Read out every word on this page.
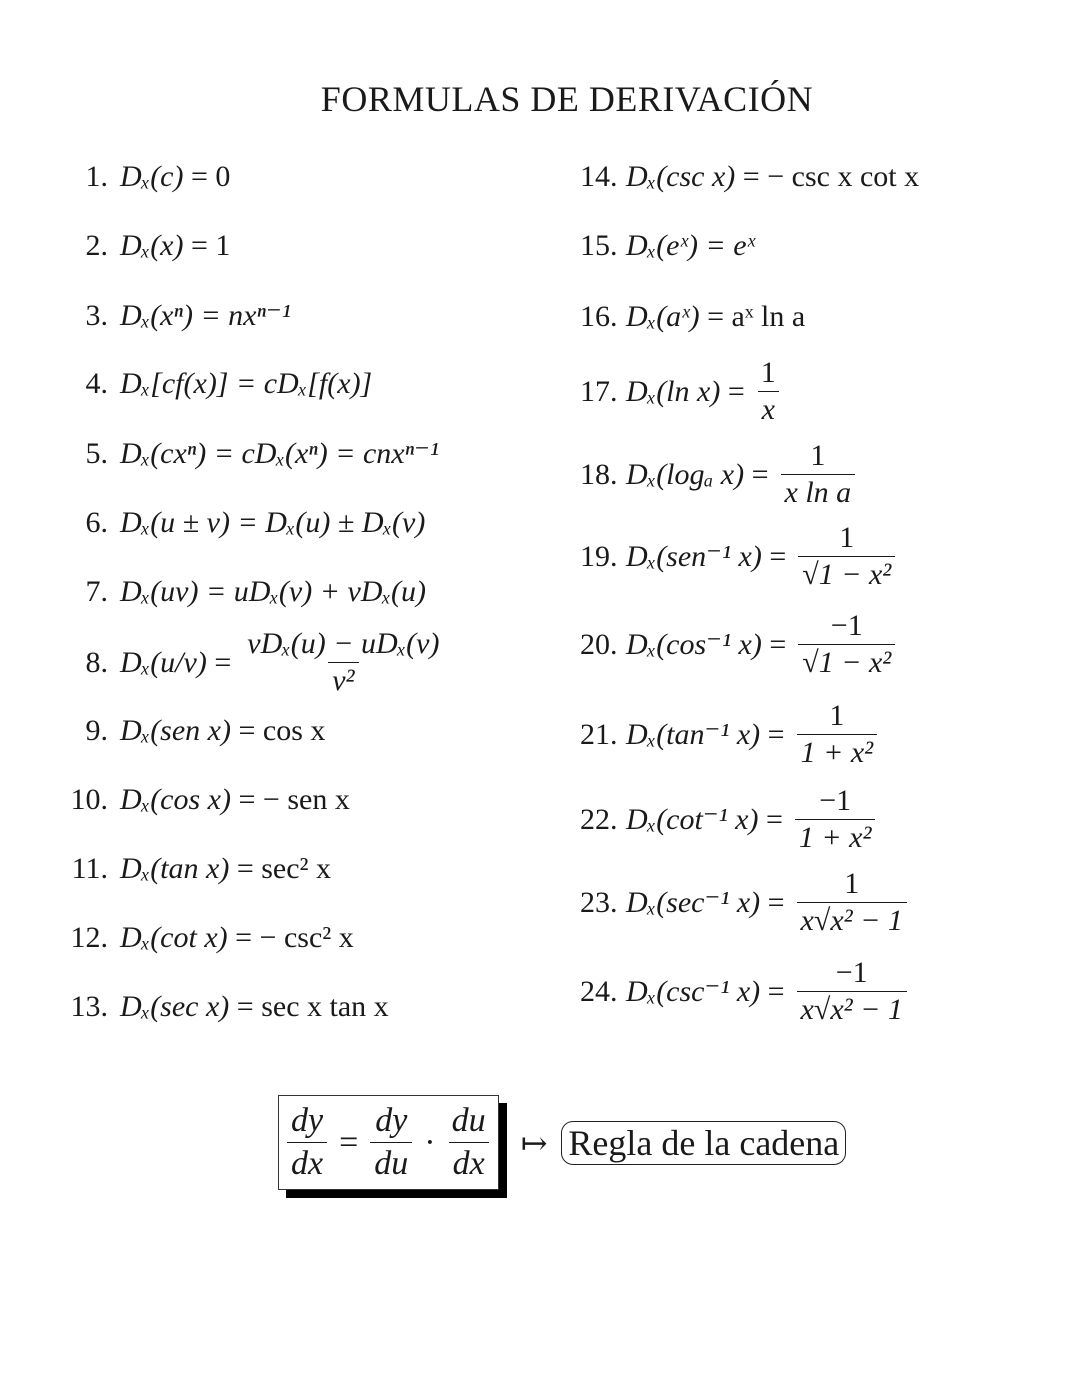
FORMULAS DE DERIVACIÓN
1. Dₓ(c)
= 0
2. Dₓ(x)
= 1
3. Dₓ(xⁿ)
= nxⁿ⁻¹
4. Dₓ[cf(x)]
= cDₓ[f(x)]
5. Dₓ(cxⁿ)
= cDₓ(xⁿ) = cnxⁿ⁻¹
6. Dₓ(u ± v)
= Dₓ(u) ± Dₓ(v)
7. Dₓ(uv)
= uDₓ(v) + vDₓ(u)
8. Dₓ(u/v)
= $\frac{\text{vDₓ(u) − uDₓ(v)}}{\text{v²}}$
9. Dₓ(sen x)
= cos x
10. Dₓ(cos x)
= − sen x
11. Dₓ(tan x)
= sec² x
12. Dₓ(cot x)
= − csc² x
13. Dₓ(sec x)
= sec x tan x
14. Dₓ(csc x)
= − csc x cot x
15. Dₓ(eˣ)
= eˣ
16. Dₓ(aˣ)
= aˣ ln a
17. Dₓ(ln x)
= $\frac{1}{x}$
18. Dₓ(logₐ x)
= $\frac{1}{\text{x ln a}}$
19. Dₓ(sen⁻¹ x)
= $\frac{1}{\text{√1 − x²}}$
20. Dₓ(cos⁻¹ x)
= $\frac{-1}{\text{√1 − x²}}$
21. Dₓ(tan⁻¹ x)
= $\frac{1}{\text{1 + x²}}$
22. Dₓ(cot⁻¹ x)
= $\frac{-1}{\text{1 + x²}}$
23. Dₓ(sec⁻¹ x)
= $\frac{1}{\text{x√x² − 1}}$
24. Dₓ(csc⁻¹ x)
= $\frac{-1}{\text{x√x² − 1}}$
$\frac{dy}{dx} = \frac{dy}{du} \cdot \frac{du}{dx}$ ↦ Regla de la cadena
